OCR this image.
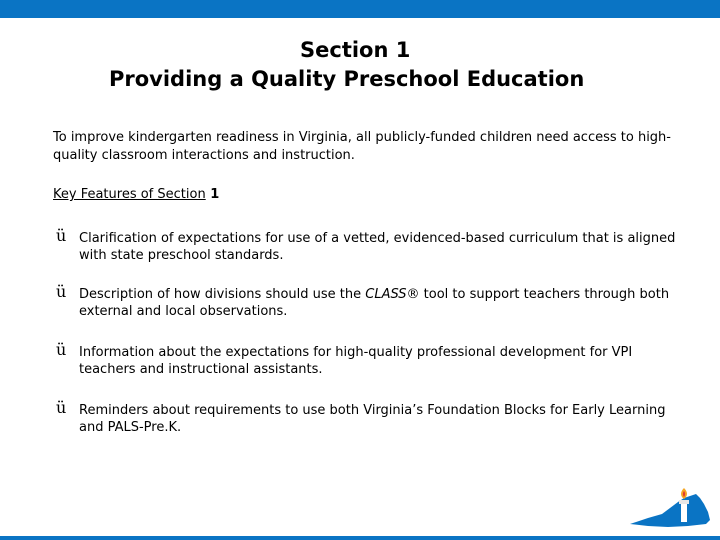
Section 1
Providing a Quality Preschool Education

To improve kindergarten readiness in Virginia, all publicly-funded children need access to high-quality classroom interactions and instruction.

Key Features of Section 1
ü Clarification of expectations for use of a vetted, evidenced-based curriculum that is aligned with state preschool standards.

ü Description of how divisions should use the CLASS® tool to support teachers through both external and local observations.

ü Information about the expectations for high-quality professional development for VPI teachers and instructional assistants.

ü Reminders about requirements to use both Virginia’s Foundation Blocks for Early Learning and PALS-Pre.K.
